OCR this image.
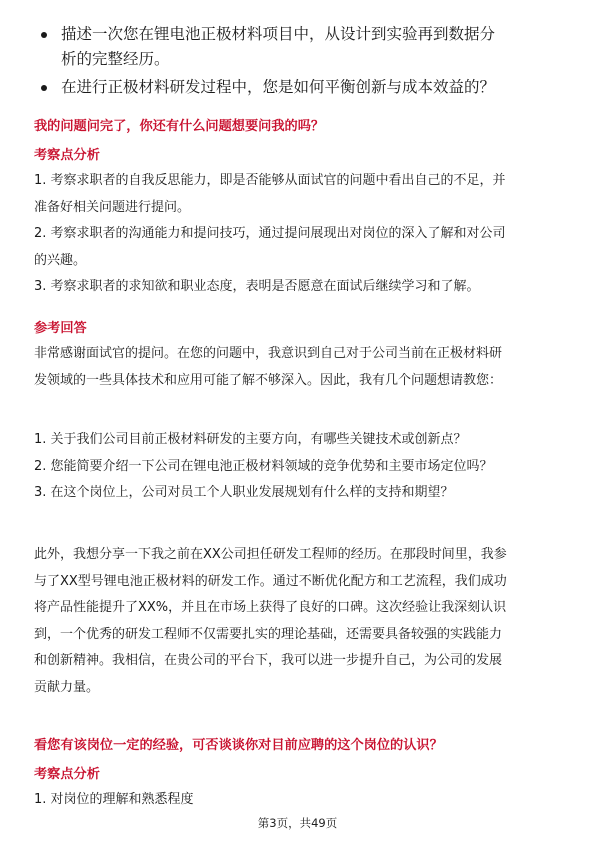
描述一次您在锂电池正极材料项目中，从设计到实验再到数据分
析的完整经历。
在进行正极材料研发过程中，您是如何平衡创新与成本效益的？
我的问题问完了，你还有什么问题想要问我的吗？
考察点分析
1. 考察求职者的自我反思能力，即是否能够从面试官的问题中看出自己的不足，并
准备好相关问题进行提问。
2. 考察求职者的沟通能力和提问技巧，通过提问展现出对岗位的深入了解和对公司
的兴趣。
3. 考察求职者的求知欲和职业态度，表明是否愿意在面试后继续学习和了解。
参考回答
非常感谢面试官的提问。在您的问题中，我意识到自己对于公司当前在正极材料研
发领域的一些具体技术和应用可能了解不够深入。因此，我有几个问题想请教您：
1. 关于我们公司目前正极材料研发的主要方向，有哪些关键技术或创新点？
2. 您能简要介绍一下公司在锂电池正极材料领域的竞争优势和主要市场定位吗？
3. 在这个岗位上，公司对员工个人职业发展规划有什么样的支持和期望？
此外，我想分享一下我之前在XX公司担任研发工程师的经历。在那段时间里，我参
与了XX型号锂电池正极材料的研发工作。通过不断优化配方和工艺流程，我们成功
将产品性能提升了XX%，并且在市场上获得了良好的口碑。这次经验让我深刻认识
到，一个优秀的研发工程师不仅需要扎实的理论基础，还需要具备较强的实践能力
和创新精神。我相信，在贵公司的平台下，我可以进一步提升自己，为公司的发展
贡献力量。
看您有该岗位一定的经验，可否谈谈你对目前应聘的这个岗位的认识？
考察点分析
1. 对岗位的理解和熟悉程度
第3页，共49页
